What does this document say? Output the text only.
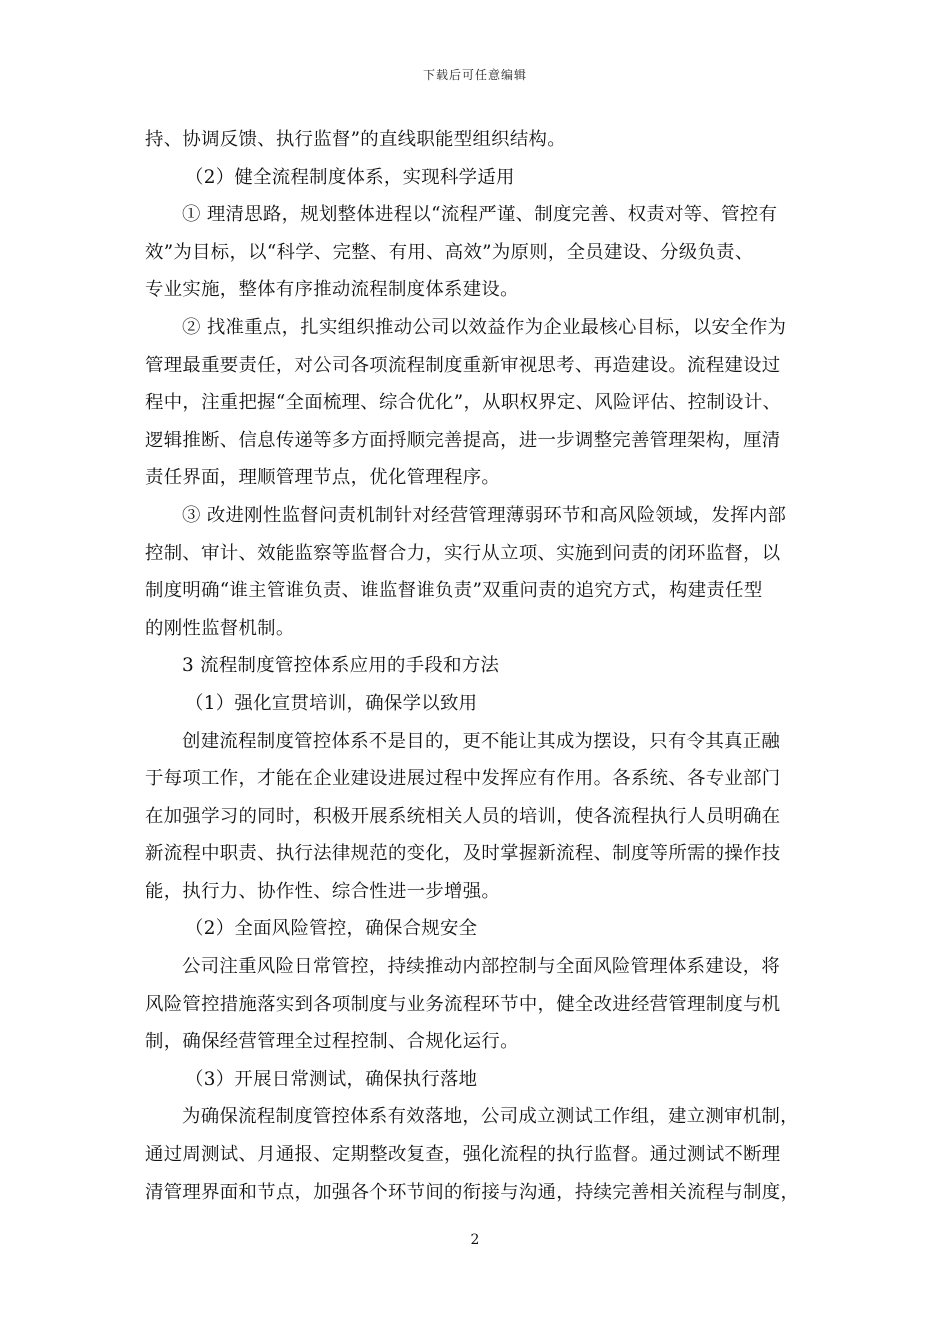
下载后可任意编辑
持、协调反馈、执行监督”的直线职能型组织结构。
（2）健全流程制度体系，实现科学适用
① 理清思路，规划整体进程以“流程严谨、制度完善、权责对等、管控有
效”为目标，以“科学、完整、有用、高效”为原则，全员建设、分级负责、
专业实施，整体有序推动流程制度体系建设。
② 找准重点，扎实组织推动公司以效益作为企业最核心目标，以安全作为
管理最重要责任，对公司各项流程制度重新审视思考、再造建设。流程建设过
程中，注重把握“全面梳理、综合优化”，从职权界定、风险评估、控制设计、
逻辑推断、信息传递等多方面捋顺完善提高，进一步调整完善管理架构，厘清
责任界面，理顺管理节点，优化管理程序。
③ 改进刚性监督问责机制针对经营管理薄弱环节和高风险领域，发挥内部
控制、审计、效能监察等监督合力，实行从立项、实施到问责的闭环监督，以
制度明确“谁主管谁负责、谁监督谁负责”双重问责的追究方式，构建责任型
的刚性监督机制。
3 流程制度管控体系应用的手段和方法
（1）强化宣贯培训，确保学以致用
创建流程制度管控体系不是目的，更不能让其成为摆设，只有令其真正融
于每项工作，才能在企业建设进展过程中发挥应有作用。各系统、各专业部门
在加强学习的同时，积极开展系统相关人员的培训，使各流程执行人员明确在
新流程中职责、执行法律规范的变化，及时掌握新流程、制度等所需的操作技
能，执行力、协作性、综合性进一步增强。
（2）全面风险管控，确保合规安全
公司注重风险日常管控，持续推动内部控制与全面风险管理体系建设，将
风险管控措施落实到各项制度与业务流程环节中，健全改进经营管理制度与机
制，确保经营管理全过程控制、合规化运行。
（3）开展日常测试，确保执行落地
为确保流程制度管控体系有效落地，公司成立测试工作组，建立测审机制，
通过周测试、月通报、定期整改复查，强化流程的执行监督。通过测试不断理
清管理界面和节点，加强各个环节间的衔接与沟通，持续完善相关流程与制度，
2
